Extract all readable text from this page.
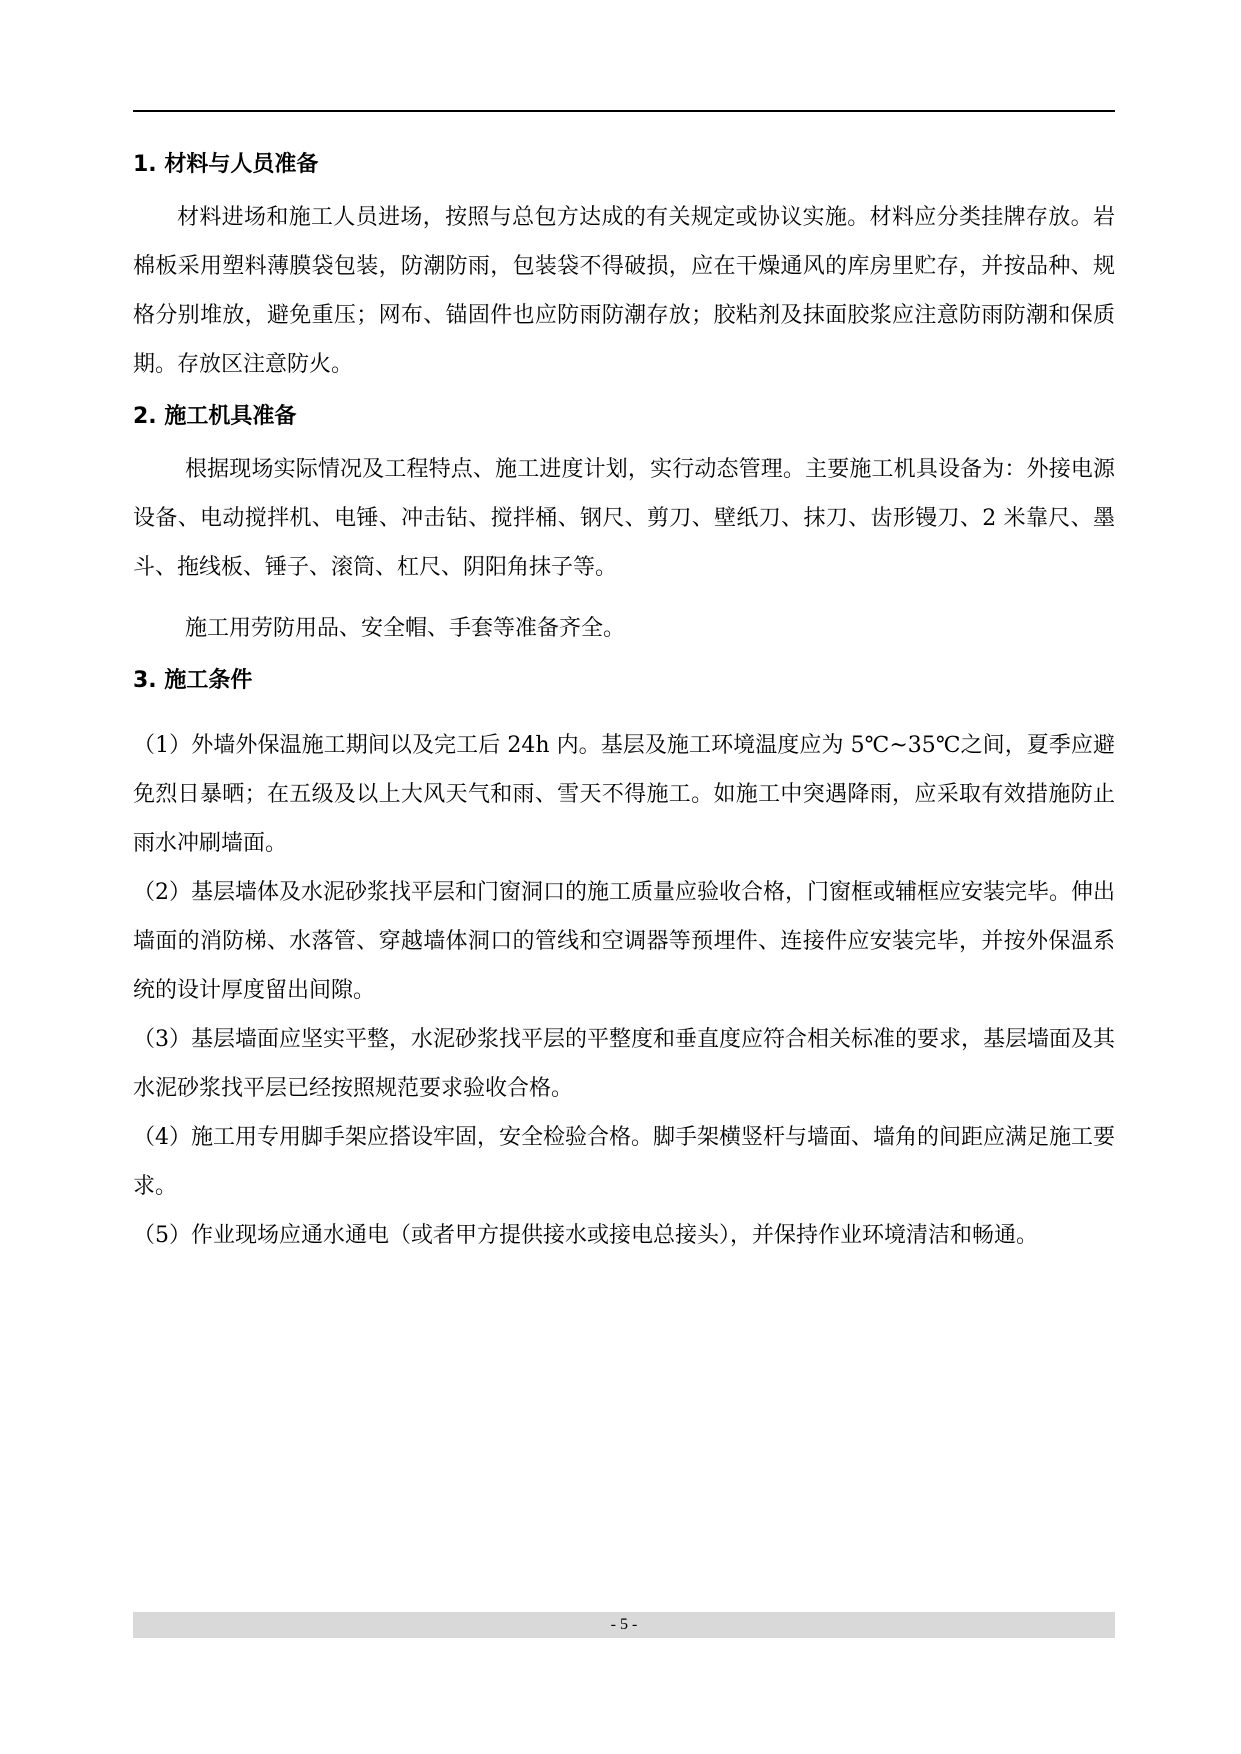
1. 材料与人员准备

材料进场和施工人员进场，按照与总包方达成的有关规定或协议实施。材料应分类挂牌存放。岩棉板采用塑料薄膜袋包装，防潮防雨，包装袋不得破损，应在干燥通风的库房里贮存，并按品种、规格分别堆放，避免重压；网布、锚固件也应防雨防潮存放；胶粘剂及抹面胶浆应注意防雨防潮和保质期。存放区注意防火。

2. 施工机具准备

根据现场实际情况及工程特点、施工进度计划，实行动态管理。主要施工机具设备为：外接电源设备、电动搅拌机、电锤、冲击钻、搅拌桶、钢尺、剪刀、壁纸刀、抹刀、齿形镘刀、2 米靠尺、墨斗、拖线板、锤子、滚筒、杠尺、阴阳角抹子等。

施工用劳防用品、安全帽、手套等准备齐全。

3. 施工条件

（1）外墙外保温施工期间以及完工后 24h 内。基层及施工环境温度应为 5℃~35℃之间，夏季应避免烈日暴晒；在五级及以上大风天气和雨、雪天不得施工。如施工中突遇降雨，应采取有效措施防止雨水冲刷墙面。

（2）基层墙体及水泥砂浆找平层和门窗洞口的施工质量应验收合格，门窗框或辅框应安装完毕。伸出墙面的消防梯、水落管、穿越墙体洞口的管线和空调器等预埋件、连接件应安装完毕，并按外保温系统的设计厚度留出间隙。

（3）基层墙面应坚实平整，水泥砂浆找平层的平整度和垂直度应符合相关标准的要求，基层墙面及其水泥砂浆找平层已经按照规范要求验收合格。

（4）施工用专用脚手架应搭设牢固，安全检验合格。脚手架横竖杆与墙面、墙角的间距应满足施工要求。

（5）作业现场应通水通电（或者甲方提供接水或接电总接头），并保持作业环境清洁和畅通。

- 5 -
